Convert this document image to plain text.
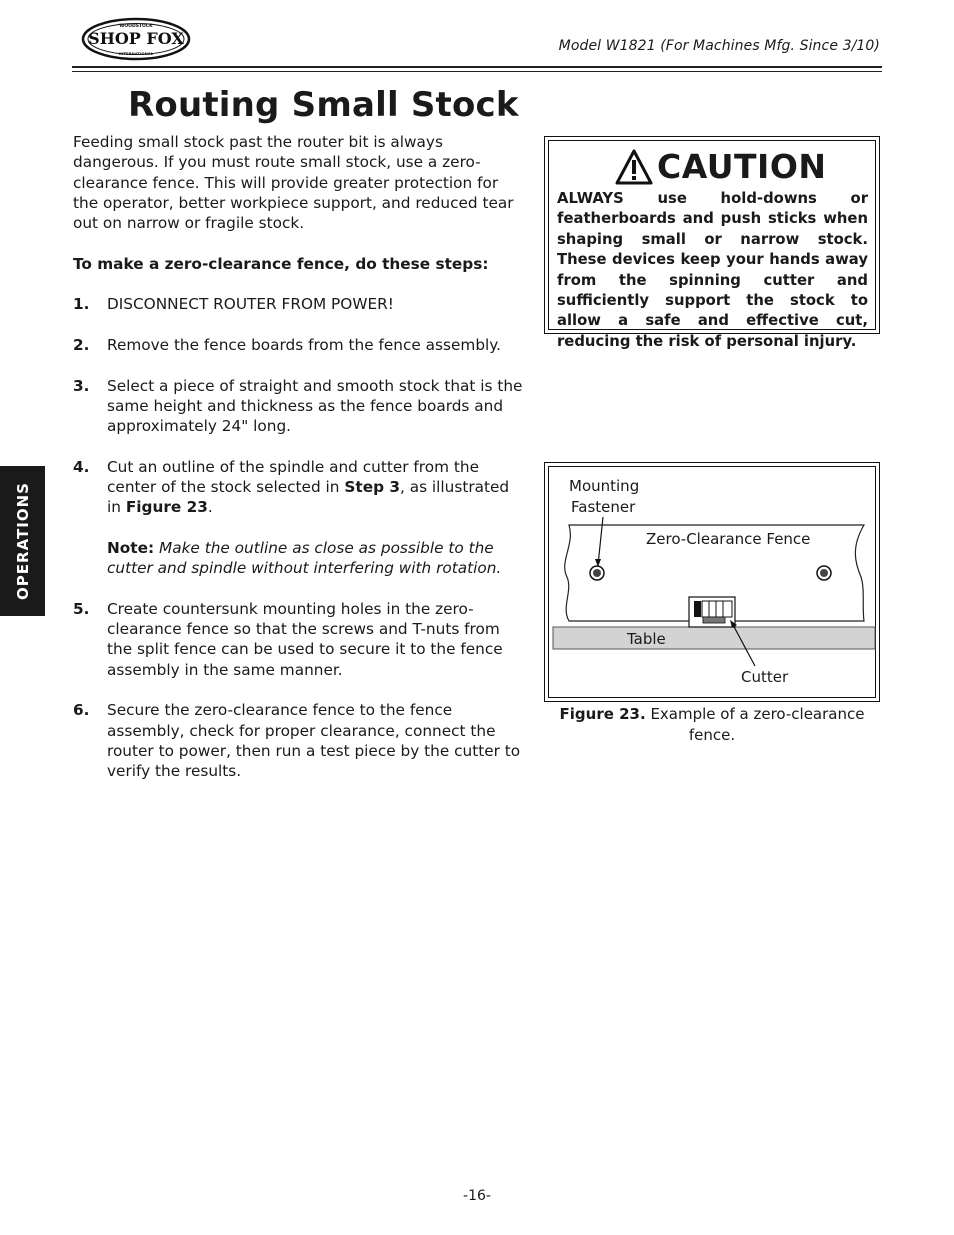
SHOP FOX
WOODSTOCK
INTERNATIONAL	Model W1821 (For Machines Mfg. Since 3/10)
Routing Small Stock
OPERATIONS

Feeding small stock past the router bit is always dangerous. If you must route small stock, use a zero-clearance fence. This will provide greater protection for the operator, better workpiece support, and reduced tear out on narrow or fragile stock.

To make a zero-clearance fence, do these steps:

1. DISCONNECT ROUTER FROM POWER!
2. Remove the fence boards from the fence assembly.
3. Select a piece of straight and smooth stock that is the same height and thickness as the fence boards and approximately 24" long.
4. Cut an outline of the spindle and cutter from the center of the stock selected in Step 3, as illustrated in Figure 23.
Note: Make the outline as close as possible to the cutter and spindle without interfering with rotation.
5. Create countersunk mounting holes in the zero-clearance fence so that the screws and T-nuts from the split fence can be used to secure it to the fence assembly in the same manner.
6. Secure the zero-clearance fence to the fence assembly, check for proper clearance, connect the router to power, then run a test piece by the cutter to verify the results.
CAUTION
ALWAYS use hold-downs or featherboards and push sticks when shaping small or narrow stock. These devices keep your hands away from the spinning cutter and sufficiently support the stock to allow a safe and effective cut, reducing the risk of personal injury.
Mounting
Fastener
Zero-Clearance Fence
Table
Cutter
Figure 23. Example of a zero-clearance fence.
-16-
